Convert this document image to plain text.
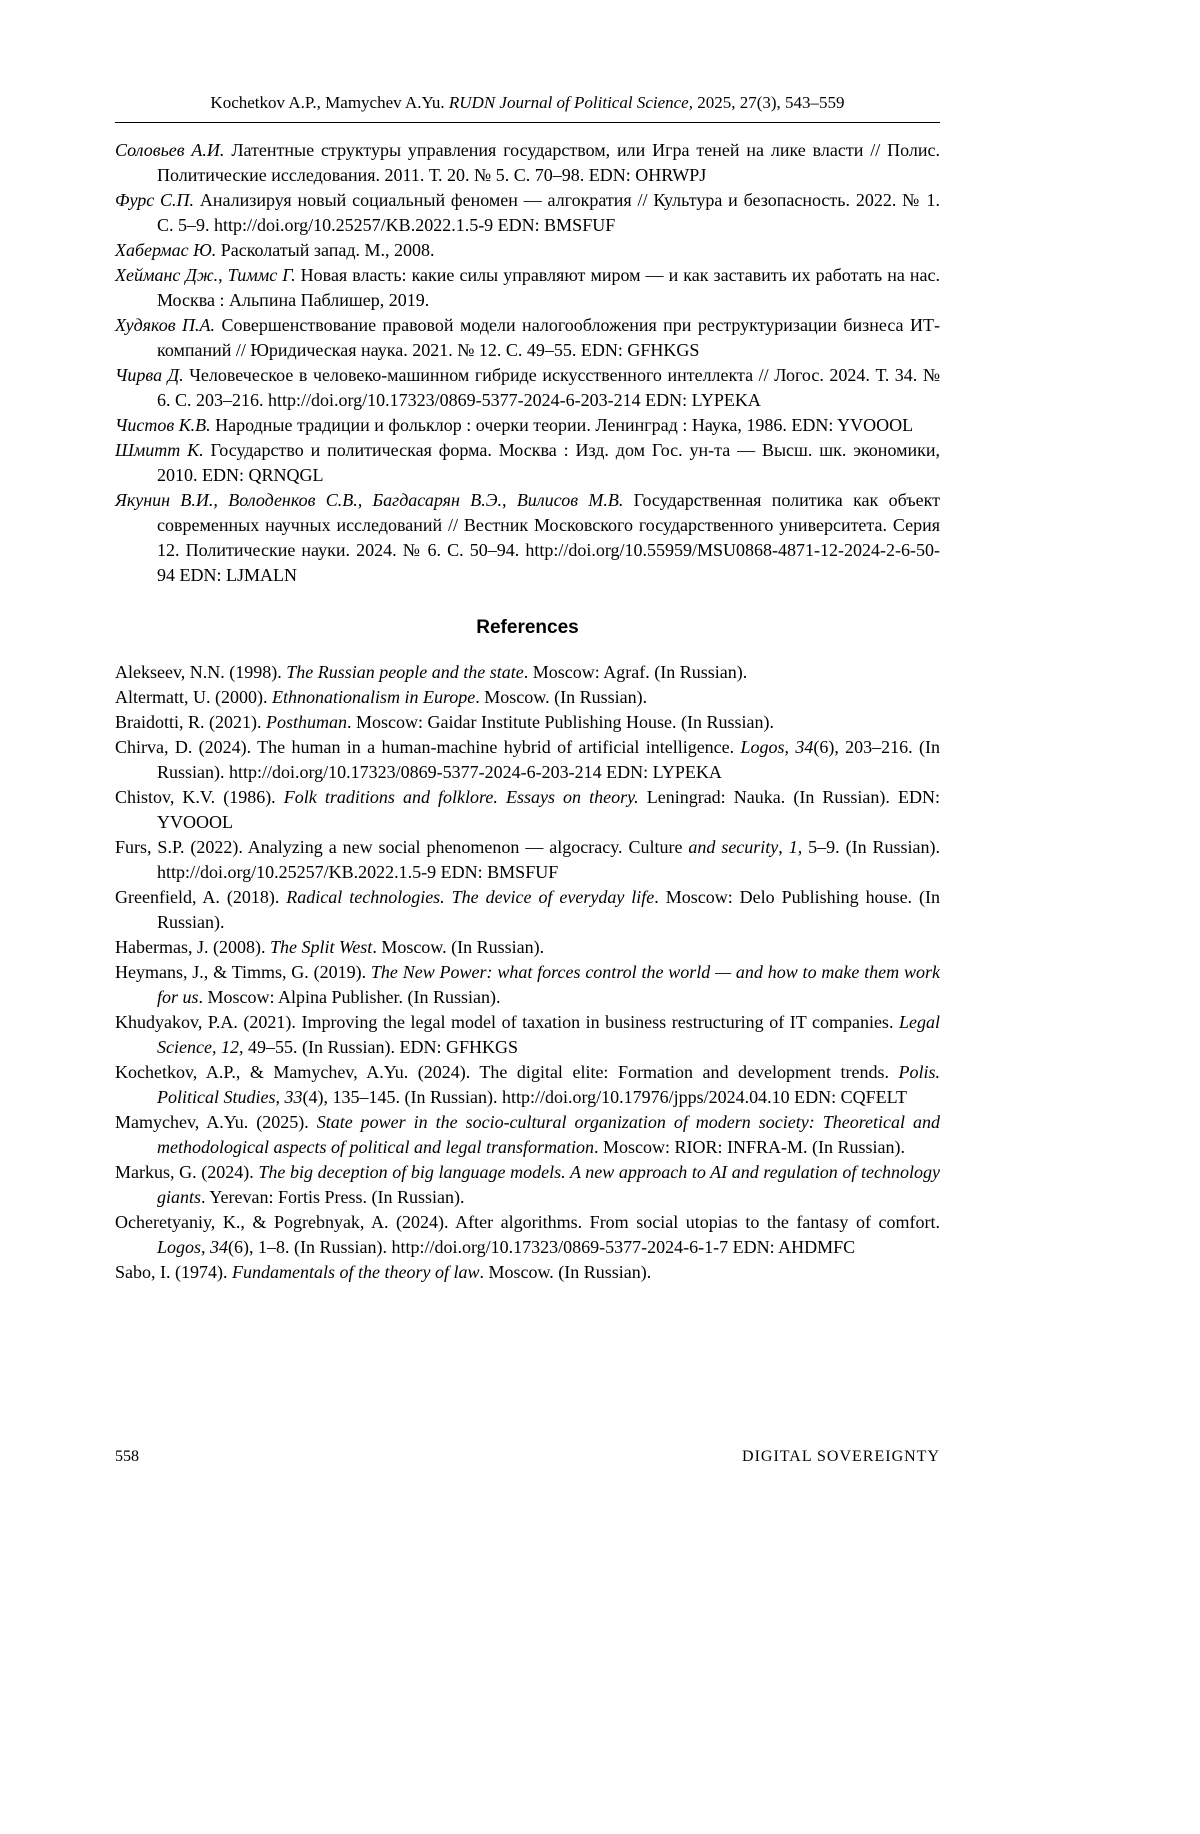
Kochetkov A.P., Mamychev A.Yu. RUDN Journal of Political Science, 2025, 27(3), 543–559

Соловьев А.И. Латентные структуры управления государством, или Игра теней на лике власти // Полис. Политические исследования. 2011. Т. 20. № 5. С. 70–98. EDN: OHRWPJ

Фурс С.П. Анализируя новый социальный феномен — алгократия // Культура и безопасность. 2022. № 1. С. 5–9. http://doi.org/10.25257/KB.2022.1.5-9 EDN: BMSFUF

Хабермас Ю. Расколатый запад. М., 2008.

Хейманс Дж., Тиммс Г. Новая власть: какие силы управляют миром — и как заставить их работать на нас. Москва : Альпина Паблишер, 2019.

Худяков П.А. Совершенствование правовой модели налогообложения при реструктуризации бизнеса ИТ-компаний // Юридическая наука. 2021. № 12. С. 49–55. EDN: GFHKGS

Чирва Д. Человеческое в человеко-машинном гибриде искусственного интеллекта // Логос. 2024. Т. 34. № 6. С. 203–216. http://doi.org/10.17323/0869-5377-2024-6-203-214 EDN: LYPEKA

Чистов К.В. Народные традиции и фольклор : очерки теории. Ленинград : Наука, 1986. EDN: YVOOOL

Шмитт К. Государство и политическая форма. Москва : Изд. дом Гос. ун-та — Высш. шк. экономики, 2010. EDN: QRNQGL

Якунин В.И., Володенков С.В., Багдасарян В.Э., Вилисов М.В. Государственная политика как объект современных научных исследований // Вестник Московского государственного университета. Серия 12. Политические науки. 2024. № 6. С. 50–94. http://doi.org/10.55959/MSU0868-4871-12-2024-2-6-50-94 EDN: LJMALN

References

Alekseev, N.N. (1998). The Russian people and the state. Moscow: Agraf. (In Russian).

Altermatt, U. (2000). Ethnonationalism in Europe. Moscow. (In Russian).

Braidotti, R. (2021). Posthuman. Moscow: Gaidar Institute Publishing House. (In Russian).

Chirva, D. (2024). The human in a human-machine hybrid of artificial intelligence. Logos, 34(6), 203–216. (In Russian). http://doi.org/10.17323/0869-5377-2024-6-203-214 EDN: LYPEKA

Chistov, K.V. (1986). Folk traditions and folklore. Essays on theory. Leningrad: Nauka. (In Russian). EDN: YVOOOL

Furs, S.P. (2022). Analyzing a new social phenomenon — algocracy. Culture and security, 1, 5–9. (In Russian). http://doi.org/10.25257/KB.2022.1.5-9 EDN: BMSFUF

Greenfield, A. (2018). Radical technologies. The device of everyday life. Moscow: Delo Publishing house. (In Russian).

Habermas, J. (2008). The Split West. Moscow. (In Russian).

Heymans, J., & Timms, G. (2019). The New Power: what forces control the world — and how to make them work for us. Moscow: Alpina Publisher. (In Russian).

Khudyakov, P.A. (2021). Improving the legal model of taxation in business restructuring of IT companies. Legal Science, 12, 49–55. (In Russian). EDN: GFHKGS

Kochetkov, A.P., & Mamychev, A.Yu. (2024). The digital elite: Formation and development trends. Polis. Political Studies, 33(4), 135–145. (In Russian). http://doi.org/10.17976/jpps/2024.04.10 EDN: CQFELT

Mamychev, A.Yu. (2025). State power in the socio-cultural organization of modern society: Theoretical and methodological aspects of political and legal transformation. Moscow: RIOR: INFRA-M. (In Russian).

Markus, G. (2024). The big deception of big language models. A new approach to AI and regulation of technology giants. Yerevan: Fortis Press. (In Russian).

Ocheretyaniy, K., & Pogrebnyak, A. (2024). After algorithms. From social utopias to the fantasy of comfort. Logos, 34(6), 1–8. (In Russian). http://doi.org/10.17323/0869-5377-2024-6-1-7 EDN: AHDMFC

Sabo, I. (1974). Fundamentals of the theory of law. Moscow. (In Russian).

558	DIGITAL SOVEREIGNTY
